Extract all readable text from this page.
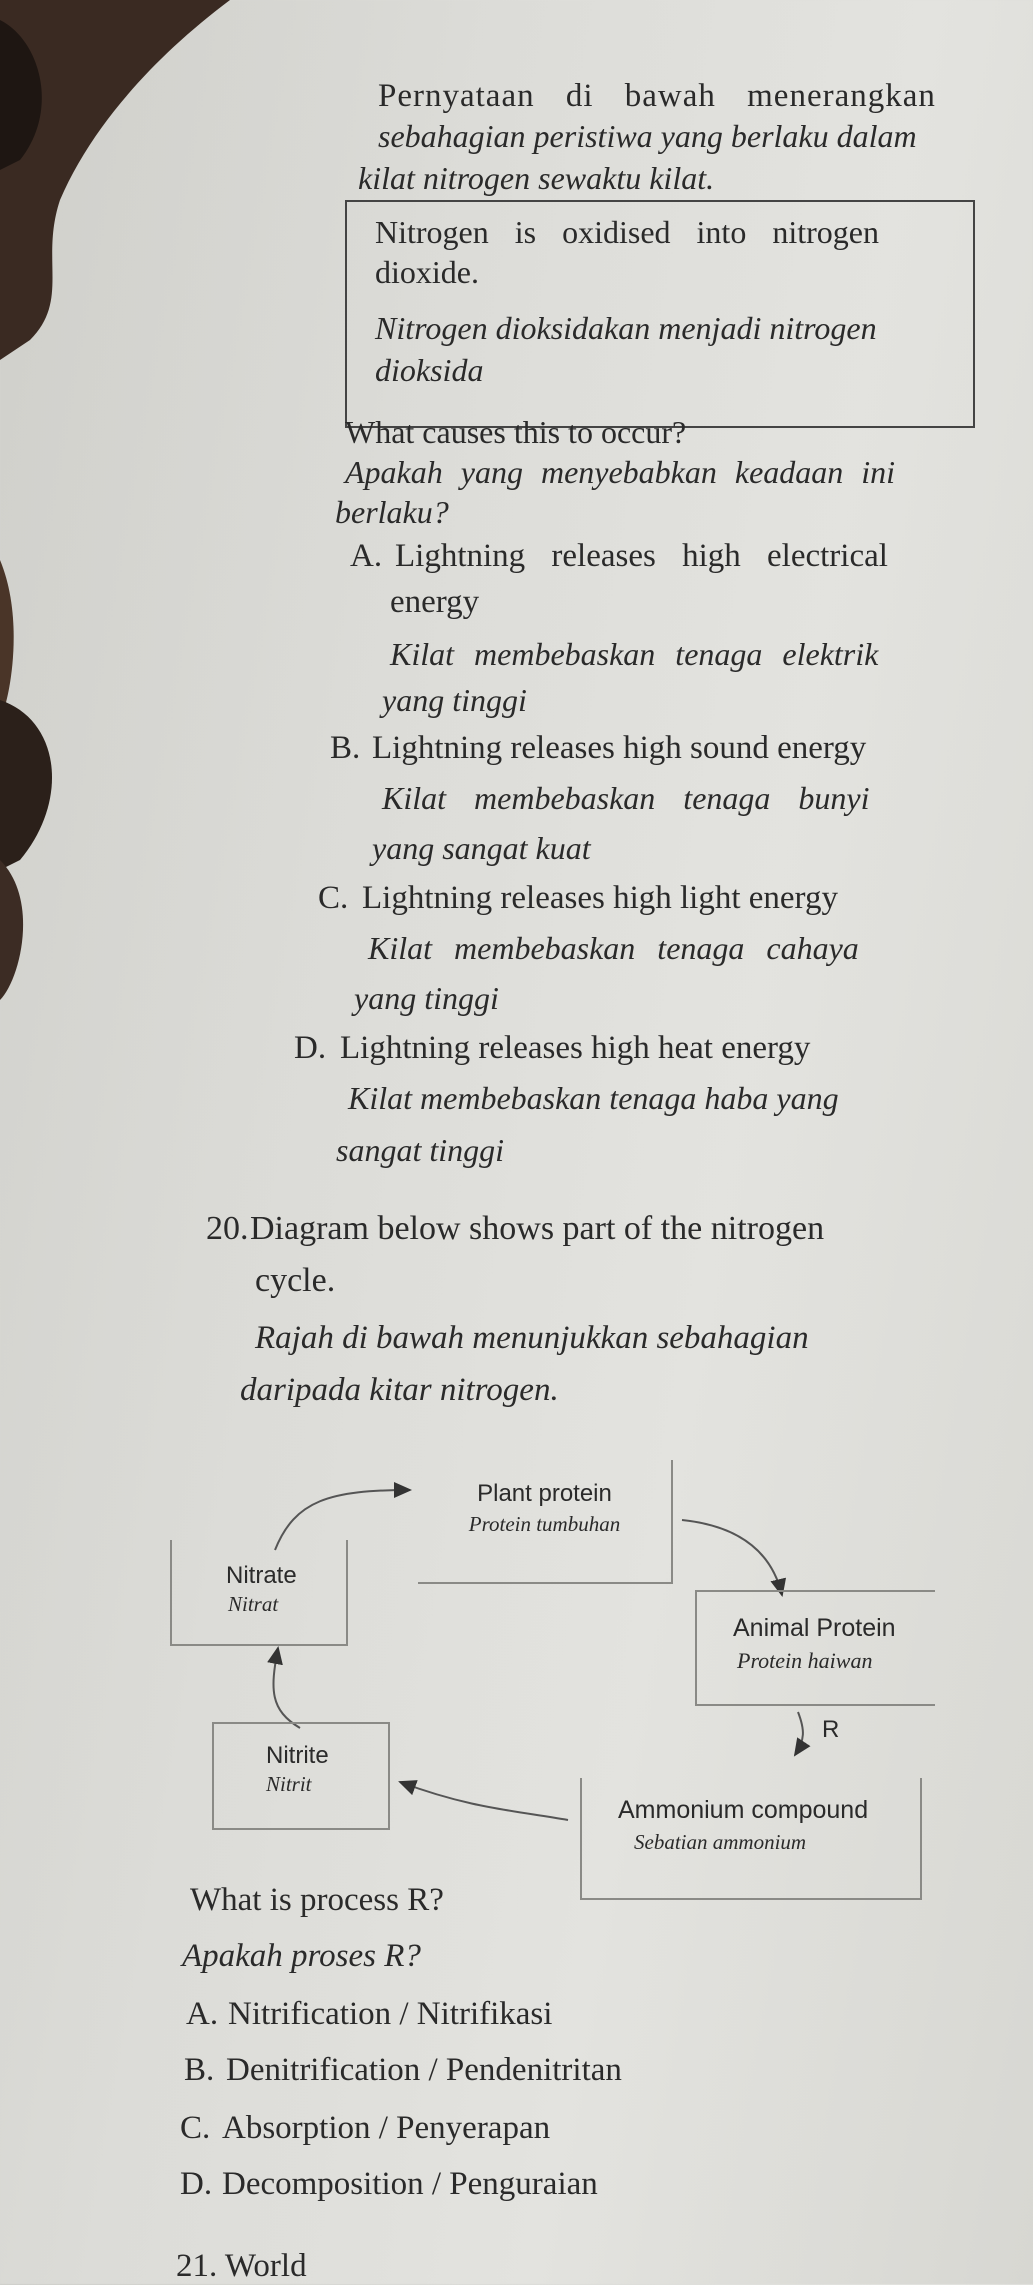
Pernyataan di bawah menerangkan

sebahagian peristiwa yang berlaku dalam

kilat nitrogen sewaktu kilat.

Nitrogen is oxidised into nitrogen

dioxide.

Nitrogen dioksidakan menjadi nitrogen

dioksida

What causes this to occur?

Apakah yang menyebabkan keadaan ini

berlaku?

A. Lightning releases high electrical

energy

Kilat membebaskan tenaga elektrik

yang tinggi

B. Lightning releases high sound energy

Kilat membebaskan tenaga bunyi

yang sangat kuat

C. Lightning releases high light energy

Kilat membebaskan tenaga cahaya

yang tinggi

D. Lightning releases high heat energy

Kilat membebaskan tenaga haba yang

sangat tinggi

20. Diagram below shows part of the nitrogen

cycle.

Rajah di bawah menunjukkan sebahagian

daripada kitar nitrogen.

Plant protein

Protein tumbuhan

Nitrate

Nitrat

Animal Protein

Protein haiwan

R

Nitrite

Nitrit

Ammonium compound

Sebatian ammonium

What is process R?

Apakah proses R?

A. Nitrification / Nitrifikasi

B. Denitrification / Pendenitritan

C. Absorption / Penyerapan

D. Decomposition / Penguraian

21. World
